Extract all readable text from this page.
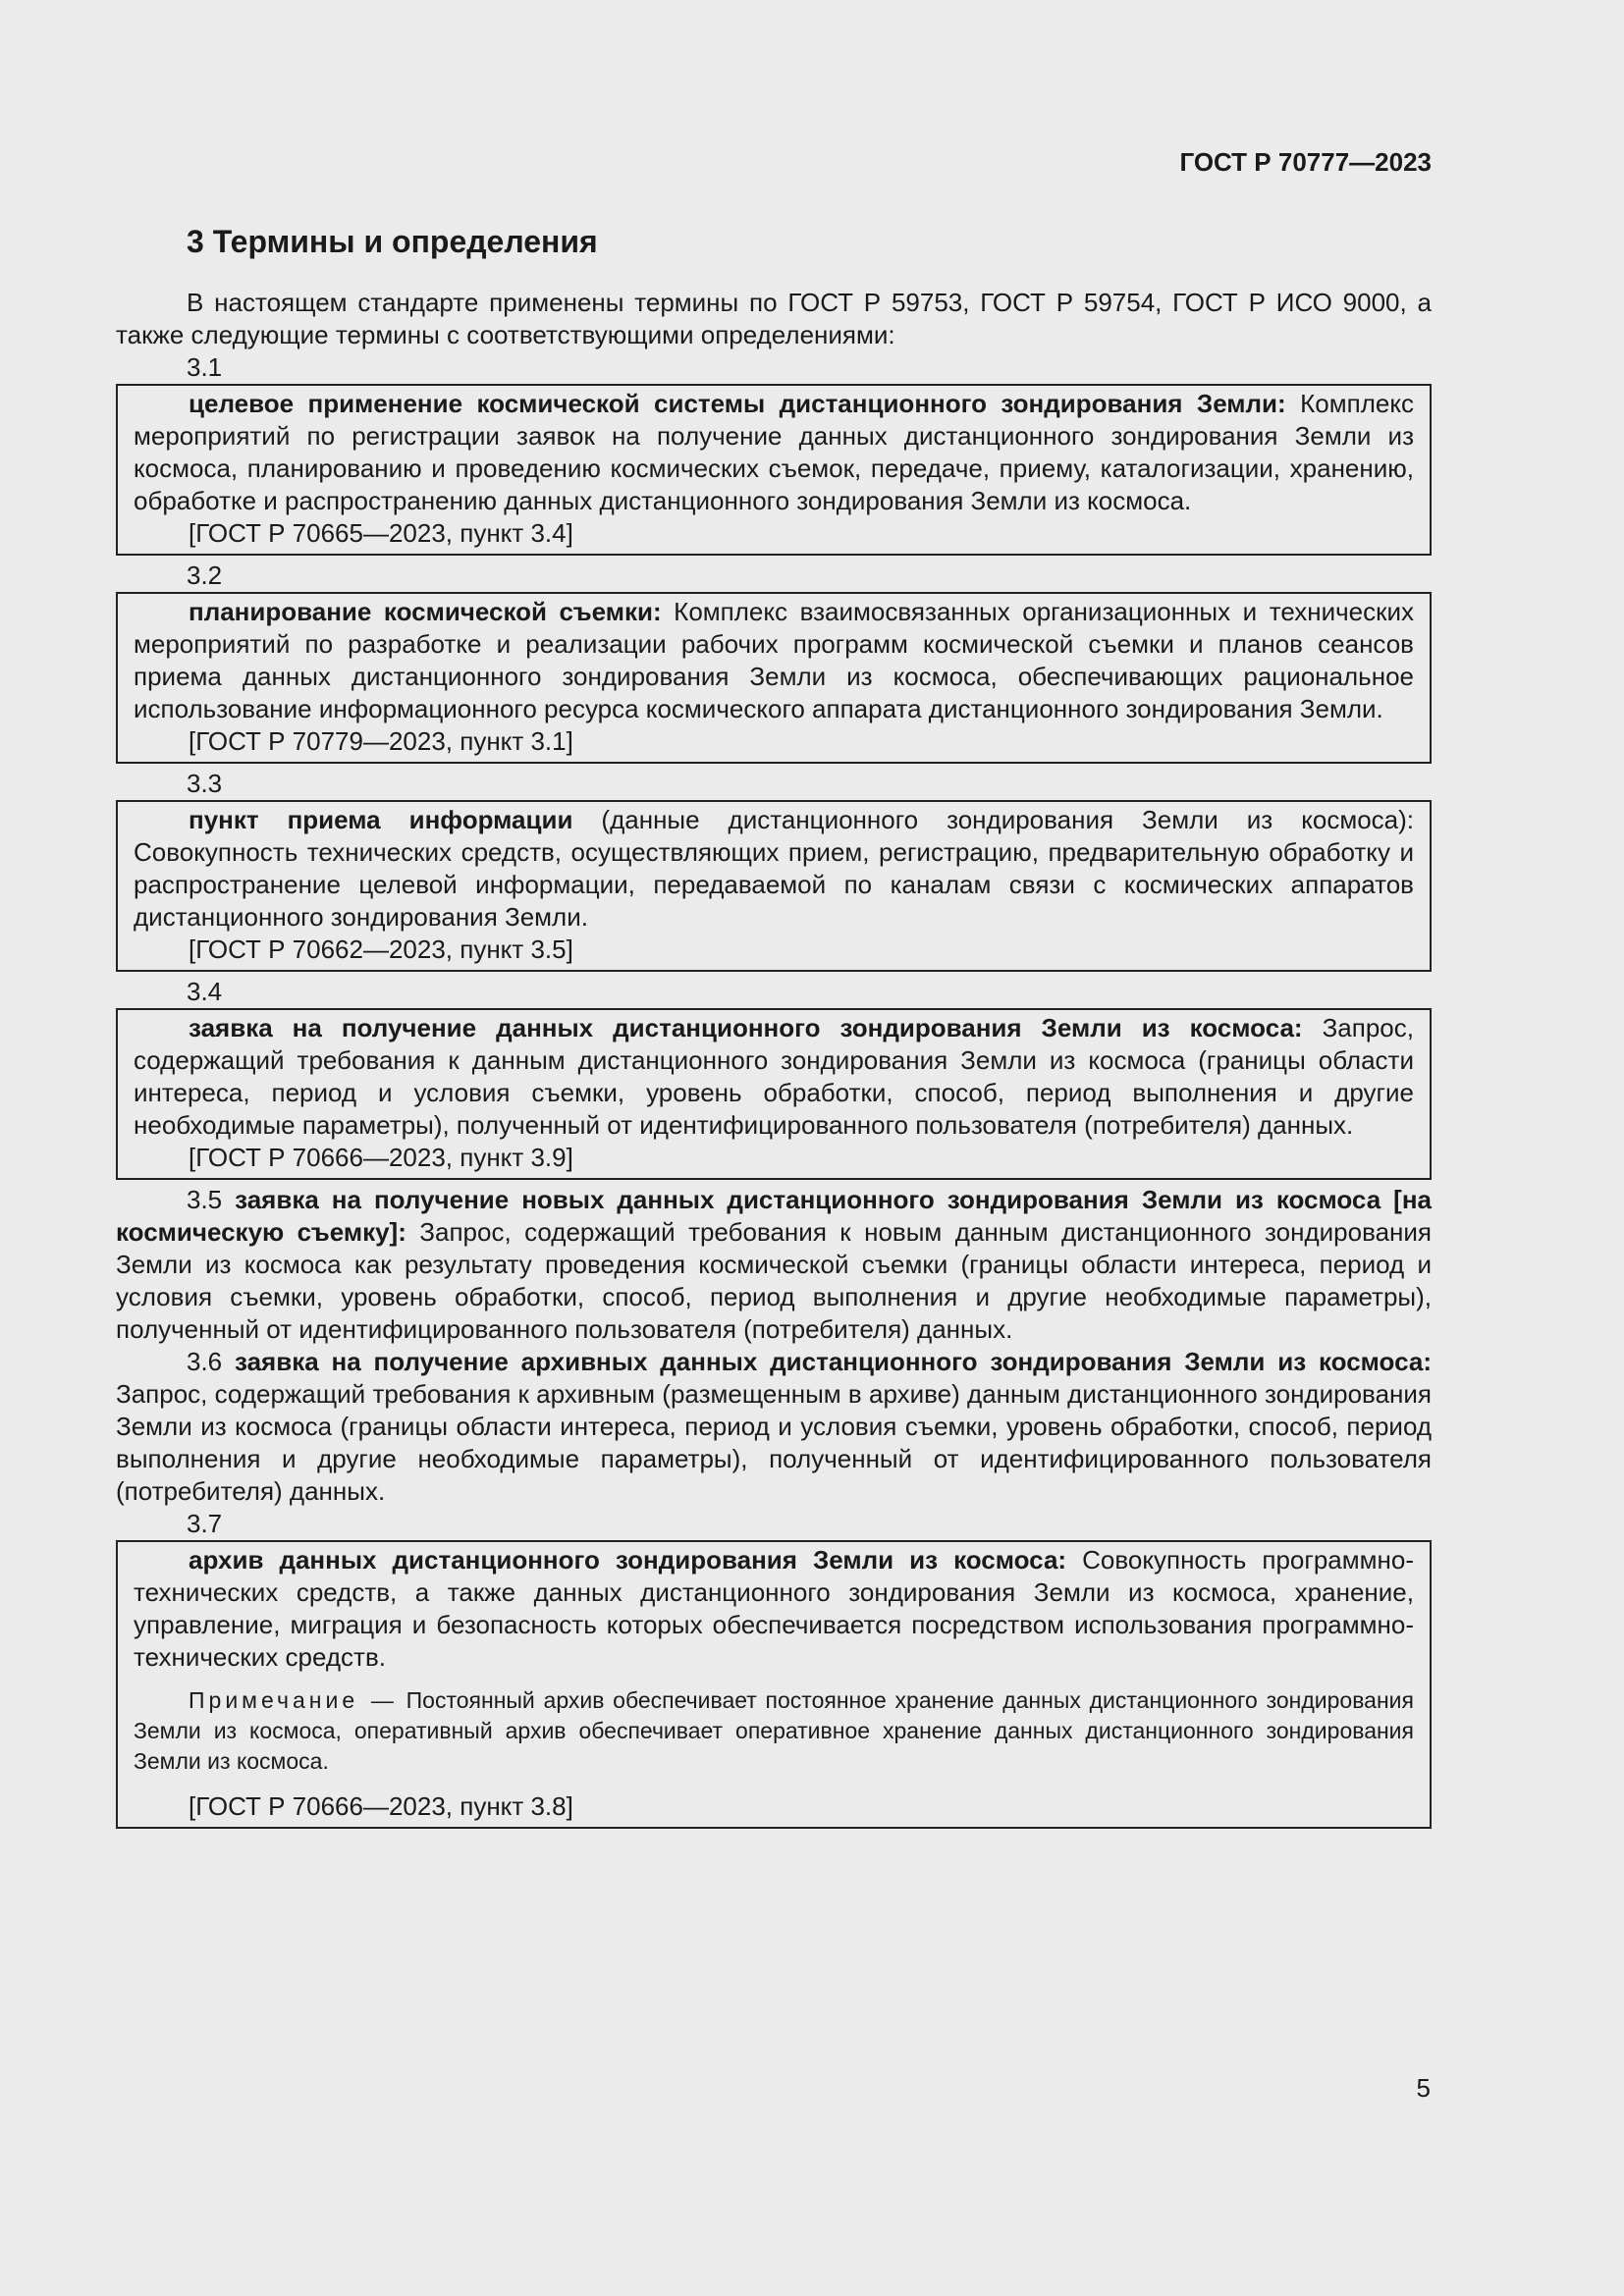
ГОСТ Р 70777—2023
3 Термины и определения

В настоящем стандарте применены термины по ГОСТ Р 59753, ГОСТ Р 59754, ГОСТ Р ИСО 9000, а также следующие термины с соответствующими определениями:

3.1

целевое применение космической системы дистанционного зондирования Земли: Комплекс мероприятий по регистрации заявок на получение данных дистанционного зондирования Земли из космоса, планированию и проведению космических съемок, передаче, приему, каталогизации, хранению, обработке и распространению данных дистанционного зондирования Земли из космоса.

[ГОСТ Р 70665—2023, пункт 3.4]

3.2

планирование космической съемки: Комплекс взаимосвязанных организационных и технических мероприятий по разработке и реализации рабочих программ космической съемки и планов сеансов приема данных дистанционного зондирования Земли из космоса, обеспечивающих рациональное использование информационного ресурса космического аппарата дистанционного зондирования Земли.

[ГОСТ Р 70779—2023, пункт 3.1]

3.3

пункт приема информации (данные дистанционного зондирования Земли из космоса): Совокупность технических средств, осуществляющих прием, регистрацию, предварительную обработку и распространение целевой информации, передаваемой по каналам связи с космических аппаратов дистанционного зондирования Земли.

[ГОСТ Р 70662—2023, пункт 3.5]

3.4

заявка на получение данных дистанционного зондирования Земли из космоса: Запрос, содержащий требования к данным дистанционного зондирования Земли из космоса (границы области интереса, период и условия съемки, уровень обработки, способ, период выполнения и другие необходимые параметры), полученный от идентифицированного пользователя (потребителя) данных.

[ГОСТ Р 70666—2023, пункт 3.9]

3.5 заявка на получение новых данных дистанционного зондирования Земли из космоса [на космическую съемку]: Запрос, содержащий требования к новым данным дистанционного зондирования Земли из космоса как результату проведения космической съемки (границы области интереса, период и условия съемки, уровень обработки, способ, период выполнения и другие необходимые параметры), полученный от идентифицированного пользователя (потребителя) данных.

3.6 заявка на получение архивных данных дистанционного зондирования Земли из космоса: Запрос, содержащий требования к архивным (размещенным в архиве) данным дистанционного зондирования Земли из космоса (границы области интереса, период и условия съемки, уровень обработки, способ, период выполнения и другие необходимые параметры), полученный от идентифицированного пользователя (потребителя) данных.

3.7

архив данных дистанционного зондирования Земли из космоса: Совокупность программно-технических средств, а также данных дистанционного зондирования Земли из космоса, хранение, управление, миграция и безопасность которых обеспечивается посредством использования программно-технических средств.

Примечание — Постоянный архив обеспечивает постоянное хранение данных дистанционного зондирования Земли из космоса, оперативный архив обеспечивает оперативное хранение данных дистанционного зондирования Земли из космоса.

[ГОСТ Р 70666—2023, пункт 3.8]

5
